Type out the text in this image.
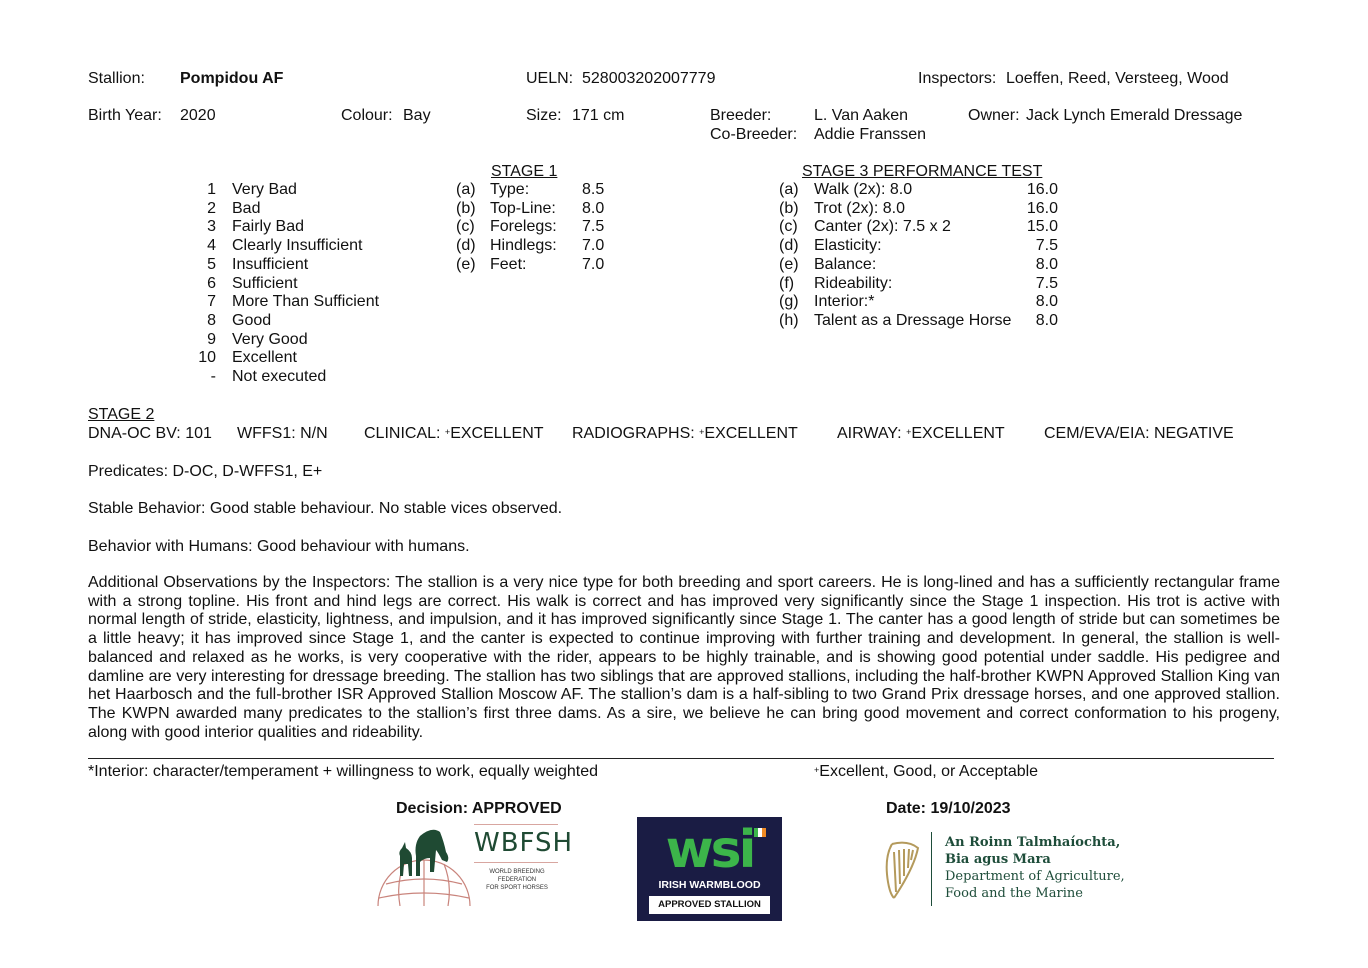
Stallion: Pompidou AF	UELN: 528003202007779	Inspectors: Loeffen, Reed, Versteeg, Wood
Birth Year: 2020	Colour: Bay	Size: 171 cm	Breeder:	L. Van Aaken
Co-Breeder: Addie Franssen
Owner: Jack Lynch Emerald Dressage
1	Very Bad
2	Bad
3	Fairly Bad
4	Clearly Insufficient
5	Insufficient
6	Sufficient
7	More Than Sufficient
8	Good
9	Very Good
10	Excellent
-	Not executed
STAGE 1
(a) Type:	8.5
(b) Top-Line:	8.0
(c) Forelegs:	7.5
(d) Hindlegs:	7.0
(e) Feet:	7.0
STAGE 3 PERFORMANCE TEST
(a) Walk (2x): 8.0	16.0
(b) Trot (2x): 8.0	16.0
(c)	Canter (2x): 7.5 x 2	15.0
(d) Elasticity:	7.5
(e) Balance:	8.0
(f)	Rideability:	7.5
(g) Interior:*	8.0
(h) Talent as a Dressage Horse	8.0
STAGE 2
DNA-OC BV: 101 WFFS1: N/N CLINICAL: +EXCELLENT RADIOGRAPHS: +EXCELLENT AIRWAY: +EXCELLENT CEM/EVA/EIA: NEGATIVE
Predicates: D-OC, D-WFFS1, E+
Stable Behavior: Good stable behaviour. No stable vices observed.
Behavior with Humans: Good behaviour with humans.
Additional Observations by the Inspectors: The stallion is a very nice type for both breeding and sport careers. He is long-lined and has a sufficiently rectangular frame with a strong topline. His front and hind legs are correct. His walk is correct and has improved very significantly since the Stage 1 inspection. His trot is active with normal length of stride, elasticity, lightness, and impulsion, and it has improved significantly since Stage 1. The canter has a good length of stride but can sometimes be a little heavy; it has improved since Stage 1, and the canter is expected to continue improving with further training and development. In general, the stallion is well-balanced and relaxed as he works, is very cooperative with the rider, appears to be highly trainable, and is showing good potential under saddle. His pedigree and damline are very interesting for dressage breeding. The stallion has two siblings that are approved stallions, including the half-brother KWPN Approved Stallion King van het Haarbosch and the full-brother ISR Approved Stallion Moscow AF. The stallion’s dam is a half-sibling to two Grand Prix dressage horses, and one approved stallion. The KWPN awarded many predicates to the stallion’s first three dams. As a sire, we believe he can bring good movement and correct conformation to his progeny, along with good interior qualities and rideability.
*Interior: character/temperament + willingness to work, equally weighted	+Excellent, Good, or Acceptable
Decision: APPROVED	Date: 19/10/2023
WBFSH
WORLD BREEDING FEDERATION
FOR SPORT HORSES
wsi
IRISH WARMBLOOD
APPROVED STALLION
An Roinn Talmhaíochta,
Bia agus Mara
Department of Agriculture,
Food and the Marine
